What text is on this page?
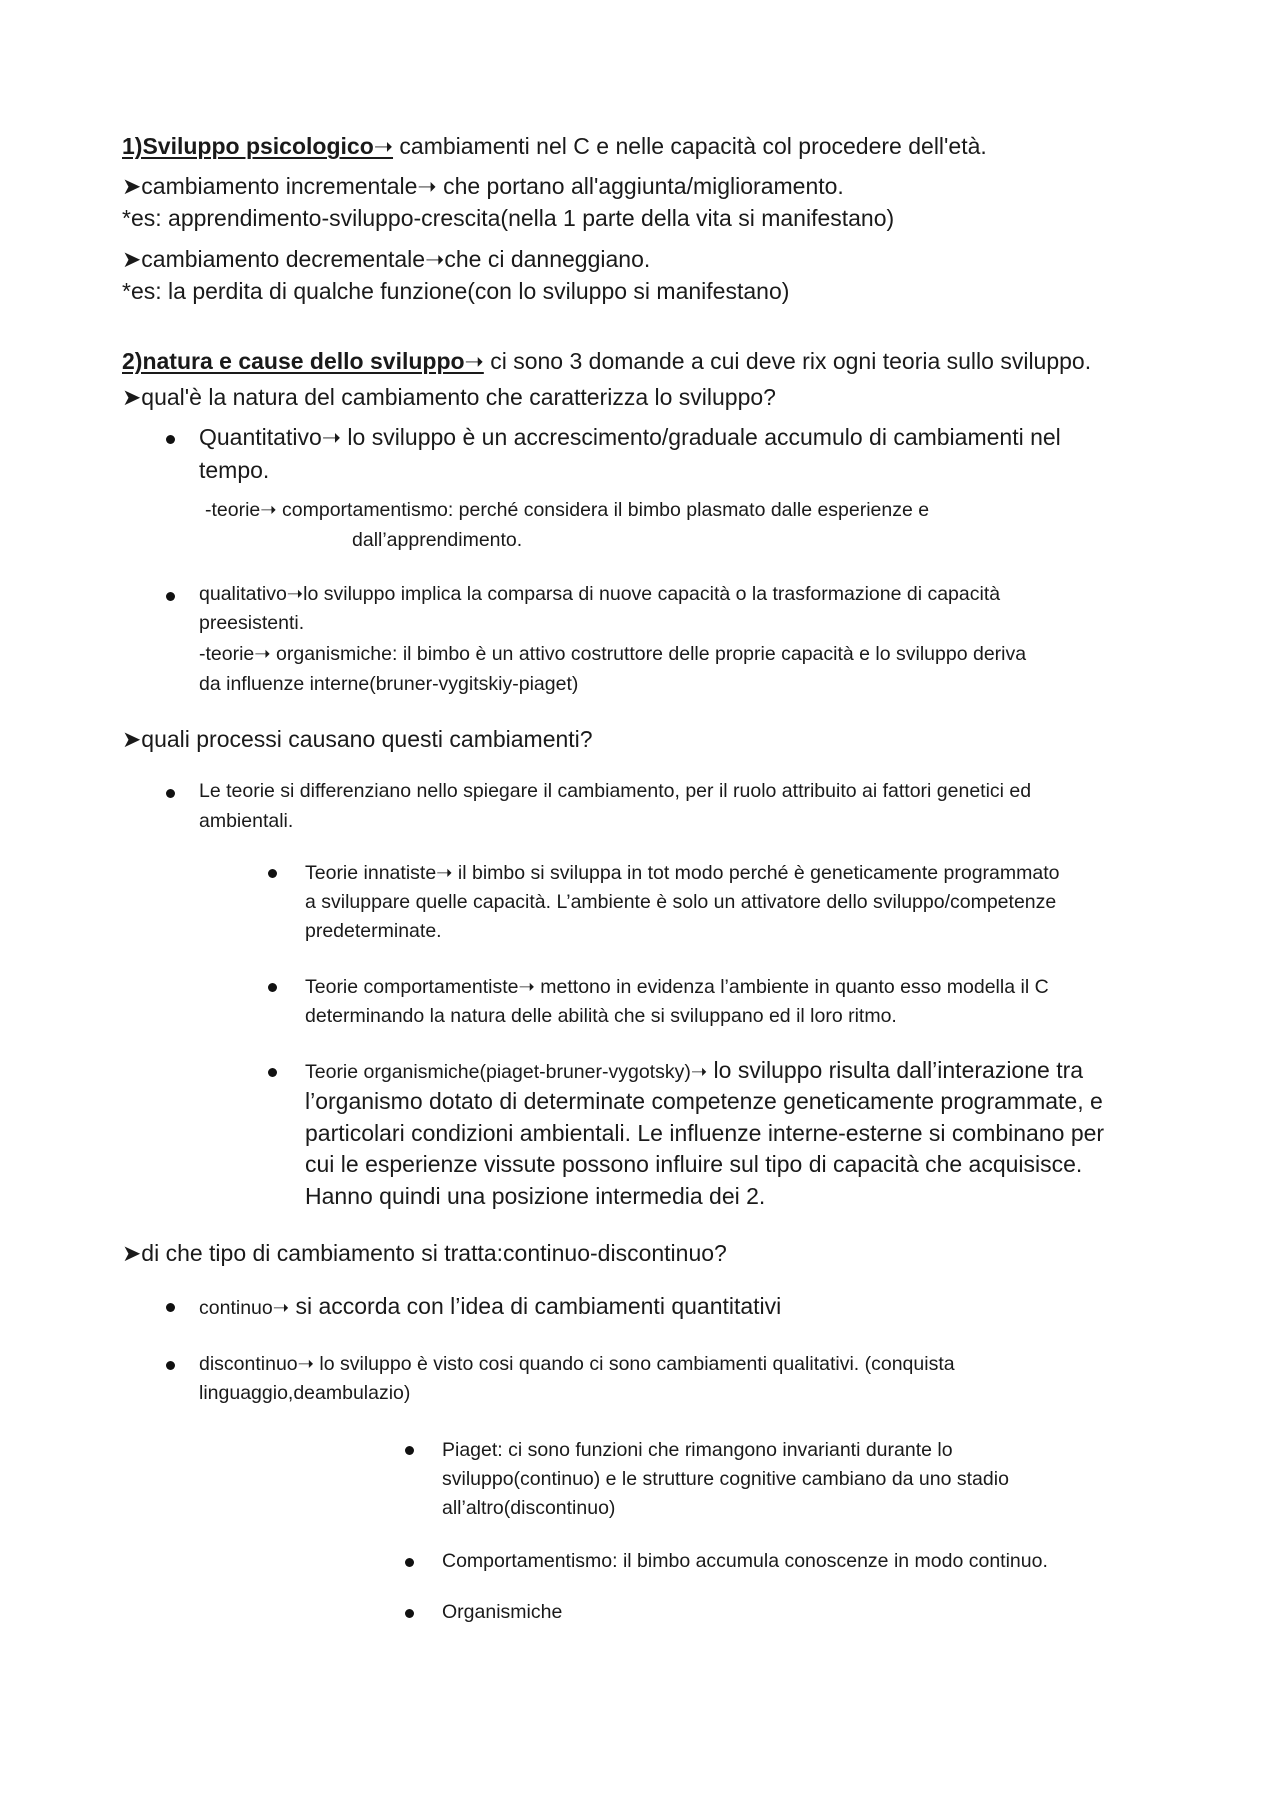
1)Sviluppo psicologico➝ cambiamenti nel C e nelle capacità col procedere dell'età.
➤cambiamento incrementale➝ che portano all'aggiunta/miglioramento.
*es: apprendimento-sviluppo-crescita(nella 1 parte della vita si manifestano)
➤cambiamento decrementale➝che ci danneggiano.
*es: la perdita di qualche funzione(con lo sviluppo si manifestano)
2)natura e cause dello sviluppo➝ ci sono 3 domande a cui deve rix ogni teoria sullo sviluppo.
➤qual'è la natura del cambiamento che caratterizza lo sviluppo?
Quantitativo➝ lo sviluppo è un accrescimento/graduale accumulo di cambiamenti nel
tempo.
-teorie➝ comportamentismo: perché considera il bimbo plasmato dalle esperienze e
dall’apprendimento.
qualitativo➝lo sviluppo implica la comparsa di nuove capacità o la trasformazione di capacità
preesistenti.
-teorie➝ organismiche: il bimbo è un attivo costruttore delle proprie capacità e lo sviluppo deriva
da influenze interne(bruner-vygitskiy-piaget)
➤quali processi causano questi cambiamenti?
Le teorie si differenziano nello spiegare il cambiamento, per il ruolo attribuito ai fattori genetici ed
ambientali.
Teorie innatiste➝ il bimbo si sviluppa in tot modo perché è geneticamente programmato
a sviluppare quelle capacità. L’ambiente è solo un attivatore dello sviluppo/competenze
predeterminate.
Teorie comportamentiste➝ mettono in evidenza l’ambiente in quanto esso modella il C
determinando la natura delle abilità che si sviluppano ed il loro ritmo.
Teorie organismiche(piaget-bruner-vygotsky)➝ lo sviluppo risulta dall’interazione tra
l’organismo dotato di determinate competenze geneticamente programmate, e
particolari condizioni ambientali. Le influenze interne-esterne si combinano per
cui le esperienze vissute possono influire sul tipo di capacità che acquisisce.
Hanno quindi una posizione intermedia dei 2.
➤di che tipo di cambiamento si tratta:continuo-discontinuo?
continuo➝ si accorda con l’idea di cambiamenti quantitativi
discontinuo➝ lo sviluppo è visto cosi quando ci sono cambiamenti qualitativi. (conquista
linguaggio,deambulazio)
Piaget: ci sono funzioni che rimangono invarianti durante lo
sviluppo(continuo) e le strutture cognitive cambiano da uno stadio
all’altro(discontinuo)
Comportamentismo: il bimbo accumula conoscenze in modo continuo.
Organismiche
